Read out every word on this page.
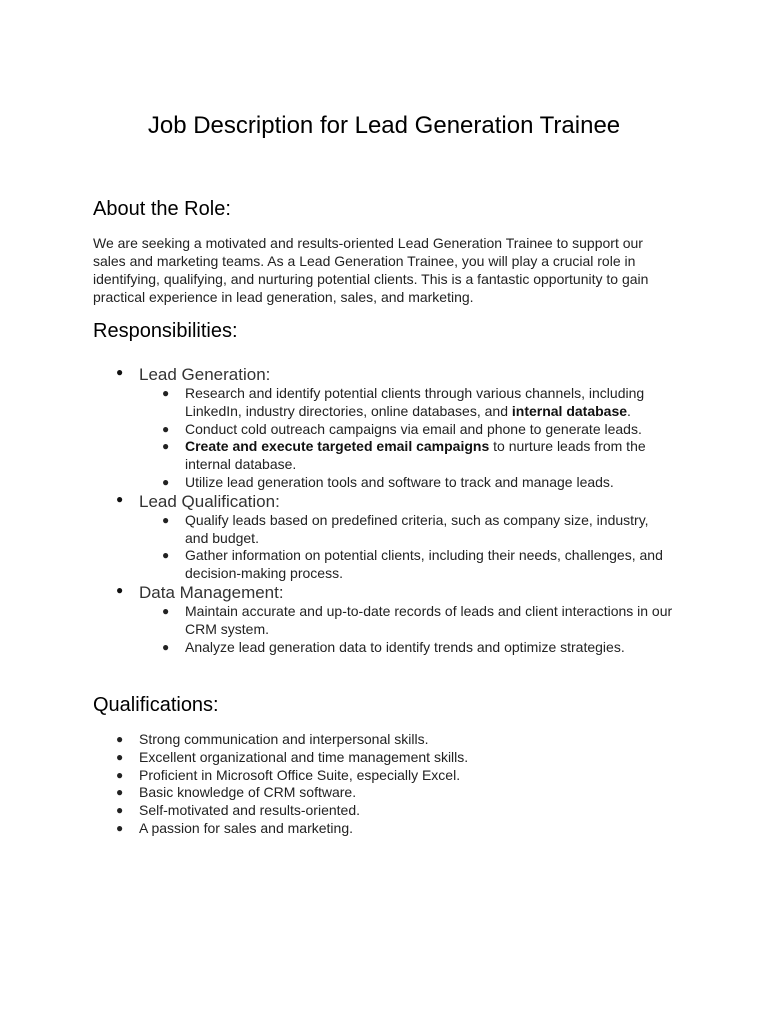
Job Description for Lead Generation Trainee
About the Role:

We are seeking a motivated and results-oriented Lead Generation Trainee to support our sales and marketing teams. As a Lead Generation Trainee, you will play a crucial role in identifying, qualifying, and nurturing potential clients. This is a fantastic opportunity to gain practical experience in lead generation, sales, and marketing.

Responsibilities:
● Lead Generation:
● Research and identify potential clients through various channels, including LinkedIn, industry directories, online databases, and internal database.
● Conduct cold outreach campaigns via email and phone to generate leads.
● Create and execute targeted email campaigns to nurture leads from the internal database.
● Utilize lead generation tools and software to track and manage leads.
● Lead Qualification:
● Qualify leads based on predefined criteria, such as company size, industry, and budget.
● Gather information on potential clients, including their needs, challenges, and decision-making process.
● Data Management:
● Maintain accurate and up-to-date records of leads and client interactions in our CRM system.
● Analyze lead generation data to identify trends and optimize strategies.
Qualifications:
● Strong communication and interpersonal skills.
● Excellent organizational and time management skills.
● Proficient in Microsoft Office Suite, especially Excel.
● Basic knowledge of CRM software.
● Self-motivated and results-oriented.
● A passion for sales and marketing.
